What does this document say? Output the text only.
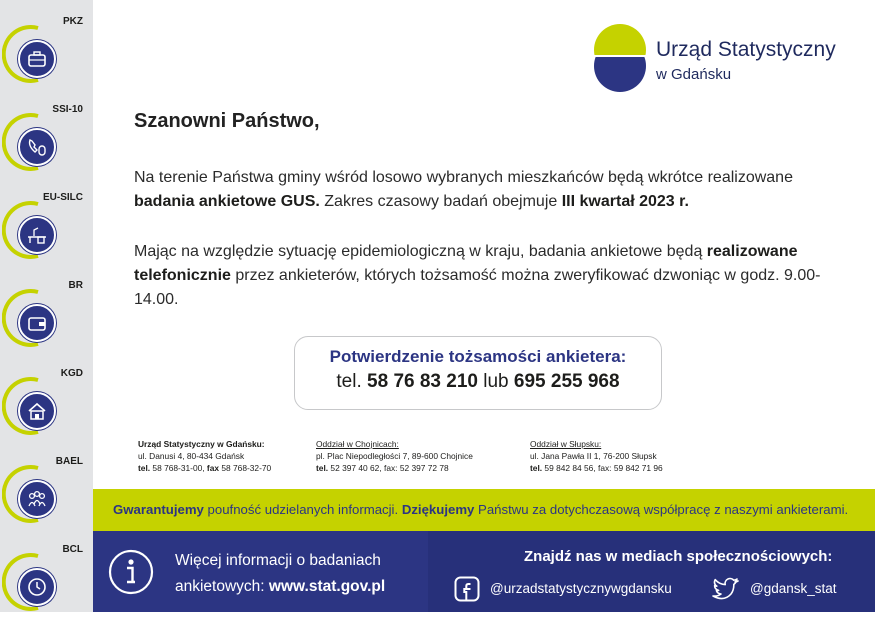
PKZ
SSI-10
EU-SILC
BR
KGD
BAEL
BCL
Urząd Statystyczny
w Gdańsku
Szanowni Państwo,
Na terenie Państwa gminy wśród losowo wybranych mieszkańców będą wkrótce realizowane badania ankietowe GUS. Zakres czasowy badań obejmuje III kwartał 2023 r.
Mając na względzie sytuację epidemiologiczną w kraju, badania ankietowe będą realizowane telefonicznie przez ankieterów, których tożsamość można zweryfikować dzwoniąc w godz. 9.00-14.00.
Potwierdzenie tożsamości ankietera:
tel. 58 76 83 210 lub 695 255 968
Urząd Statystyczny w Gdańsku:
ul. Danusi 4, 80-434 Gdańsk
tel. 58 768-31-00, fax 58 768-32-70
Oddział w Chojnicach:
pl. Plac Niepodległości 7, 89-600 Chojnice
tel. 52 397 40 62, fax: 52 397 72 78
Oddział w Słupsku:
ul. Jana Pawła II 1, 76-200 Słupsk
tel. 59 842 84 56, fax: 59 842 71 96
Gwarantujemy poufność udzielanych informacji. Dziękujemy Państwu za dotychczasową współpracę z naszymi ankieterami.
Więcej informacji o badaniach
ankietowych: www.stat.gov.pl
Znajdź nas w mediach społecznościowych:
@urzadstatystycznywgdansku	@gdansk_stat
